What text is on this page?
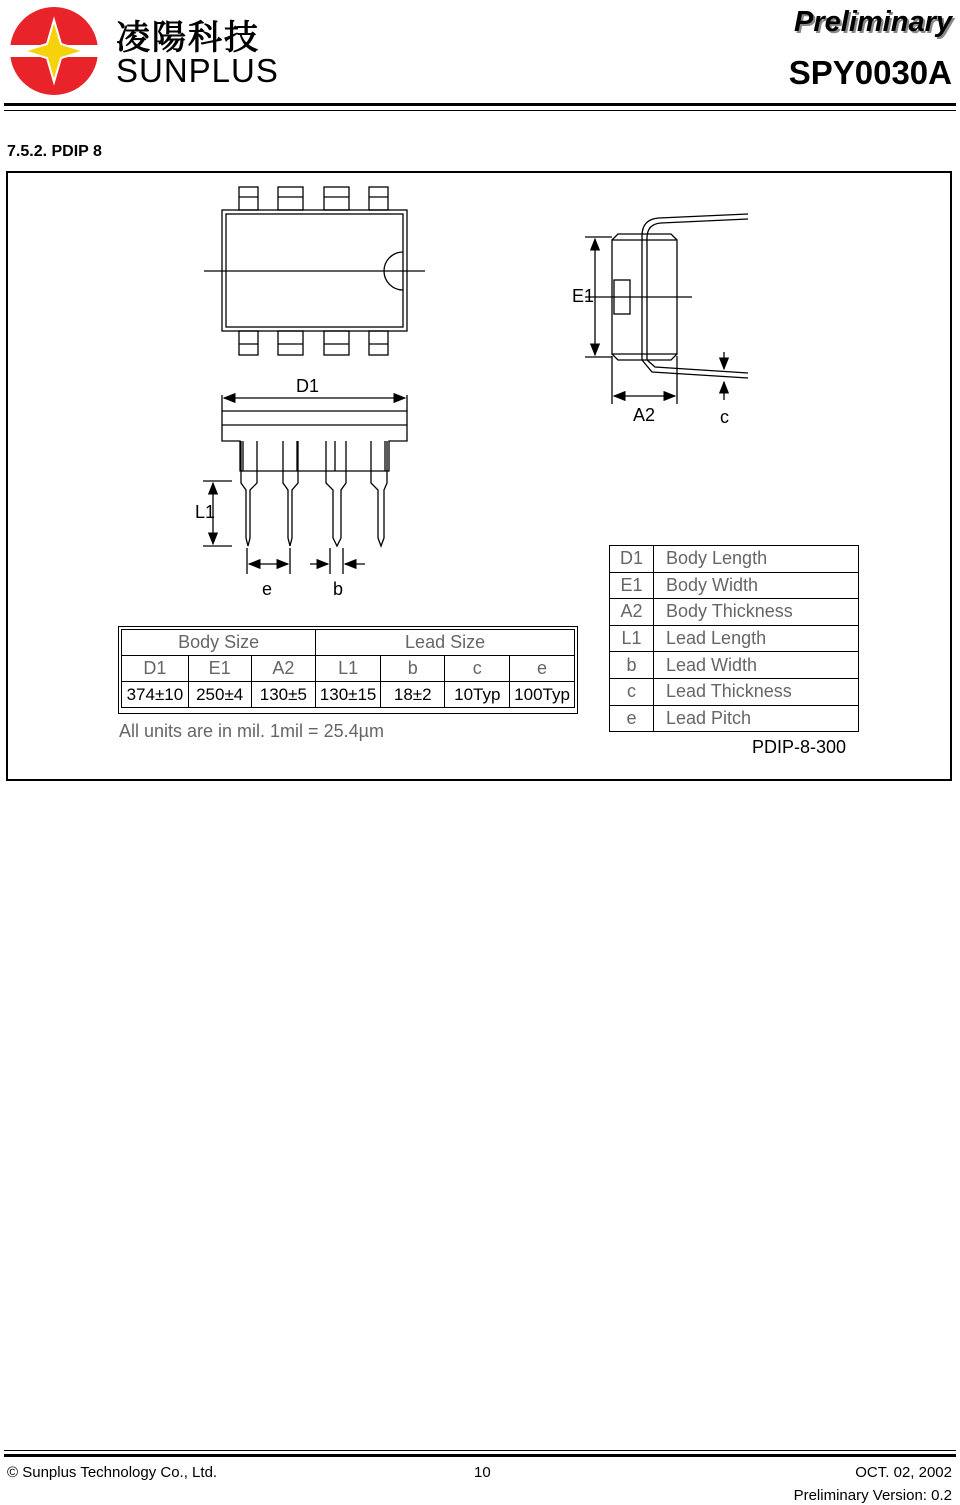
凌陽科技
SUNPLUS
Preliminary
SPY0030A
7.5.2. PDIP 8
E1
A2	c
D1
L1
e	b
Body Size			Lead Size			
D1	E1	A2	L1	b	c	e
374±10	250±4	130±5	130±15	18±2	10Typ	100Typ
All units are in mil. 1mil = 25.4µm
D1	Body Length
E1	Body Width
A2	Body Thickness
L1	Lead Length
b	Lead Width
c	Lead Thickness
e	Lead Pitch
PDIP-8-300
© Sunplus Technology Co., Ltd.	10	OCT. 02, 2002
Preliminary Version: 0.2
